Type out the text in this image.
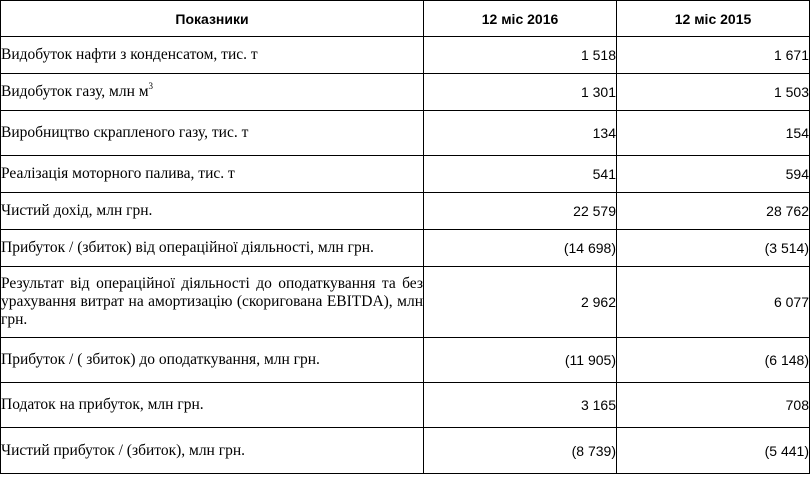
Показники	12 міс 2016	12 міс 2015
Видобуток нафти з конденсатом, тис. т	1 518	1 671
Видобуток газу, млн $м^3$	1 301	1 503
Виробництво скрапленого газу, тис. т	134	154
Реалізація моторного палива, тис. т	541	594
Чистий дохід, млн грн.	22 579	28 762
Прибуток / (збиток) від операційної діяльності, млн грн.	(14 698)	(3 514)
Результат від операційної діяльності до оподаткування та без урахування витрат на амортизацію (скоригована EBITDA), млн грн.	2 962	6 077
Прибуток / ( збиток) до оподаткування, млн грн.	(11 905)	(6 148)
Податок на прибуток, млн грн.	3 165	708
Чистий прибуток / (збиток), млн грн.	(8 739)	(5 441)
